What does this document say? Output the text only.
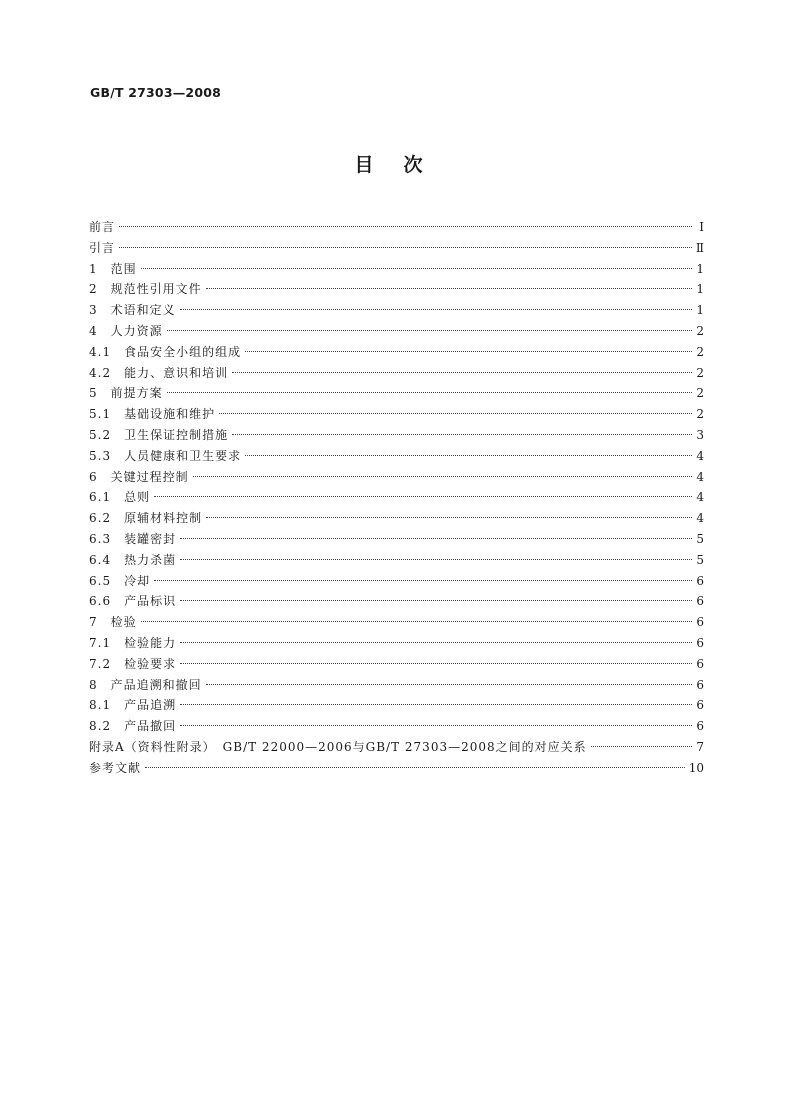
GB/T 27303—2008
目次
前言	Ⅰ
引言	Ⅱ
1　范围	1
2　规范性引用文件	1
3　术语和定义	1
4　人力资源	2
4.1　食品安全小组的组成	2
4.2　能力、意识和培训	2
5　前提方案	2
5.1　基础设施和维护	2
5.2　卫生保证控制措施	3
5.3　人员健康和卫生要求	4
6　关键过程控制	4
6.1　总则	4
6.2　原辅材料控制	4
6.3　装罐密封	5
6.4　热力杀菌	5
6.5　冷却	6
6.6　产品标识	6
7　检验	6
7.1　检验能力	6
7.2　检验要求	6
8　产品追溯和撤回	6
8.1　产品追溯	6
8.2　产品撤回	6
附录A（资料性附录）　GB/T 22000—2006与GB/T 27303—2008之间的对应关系	7
参考文献	10
